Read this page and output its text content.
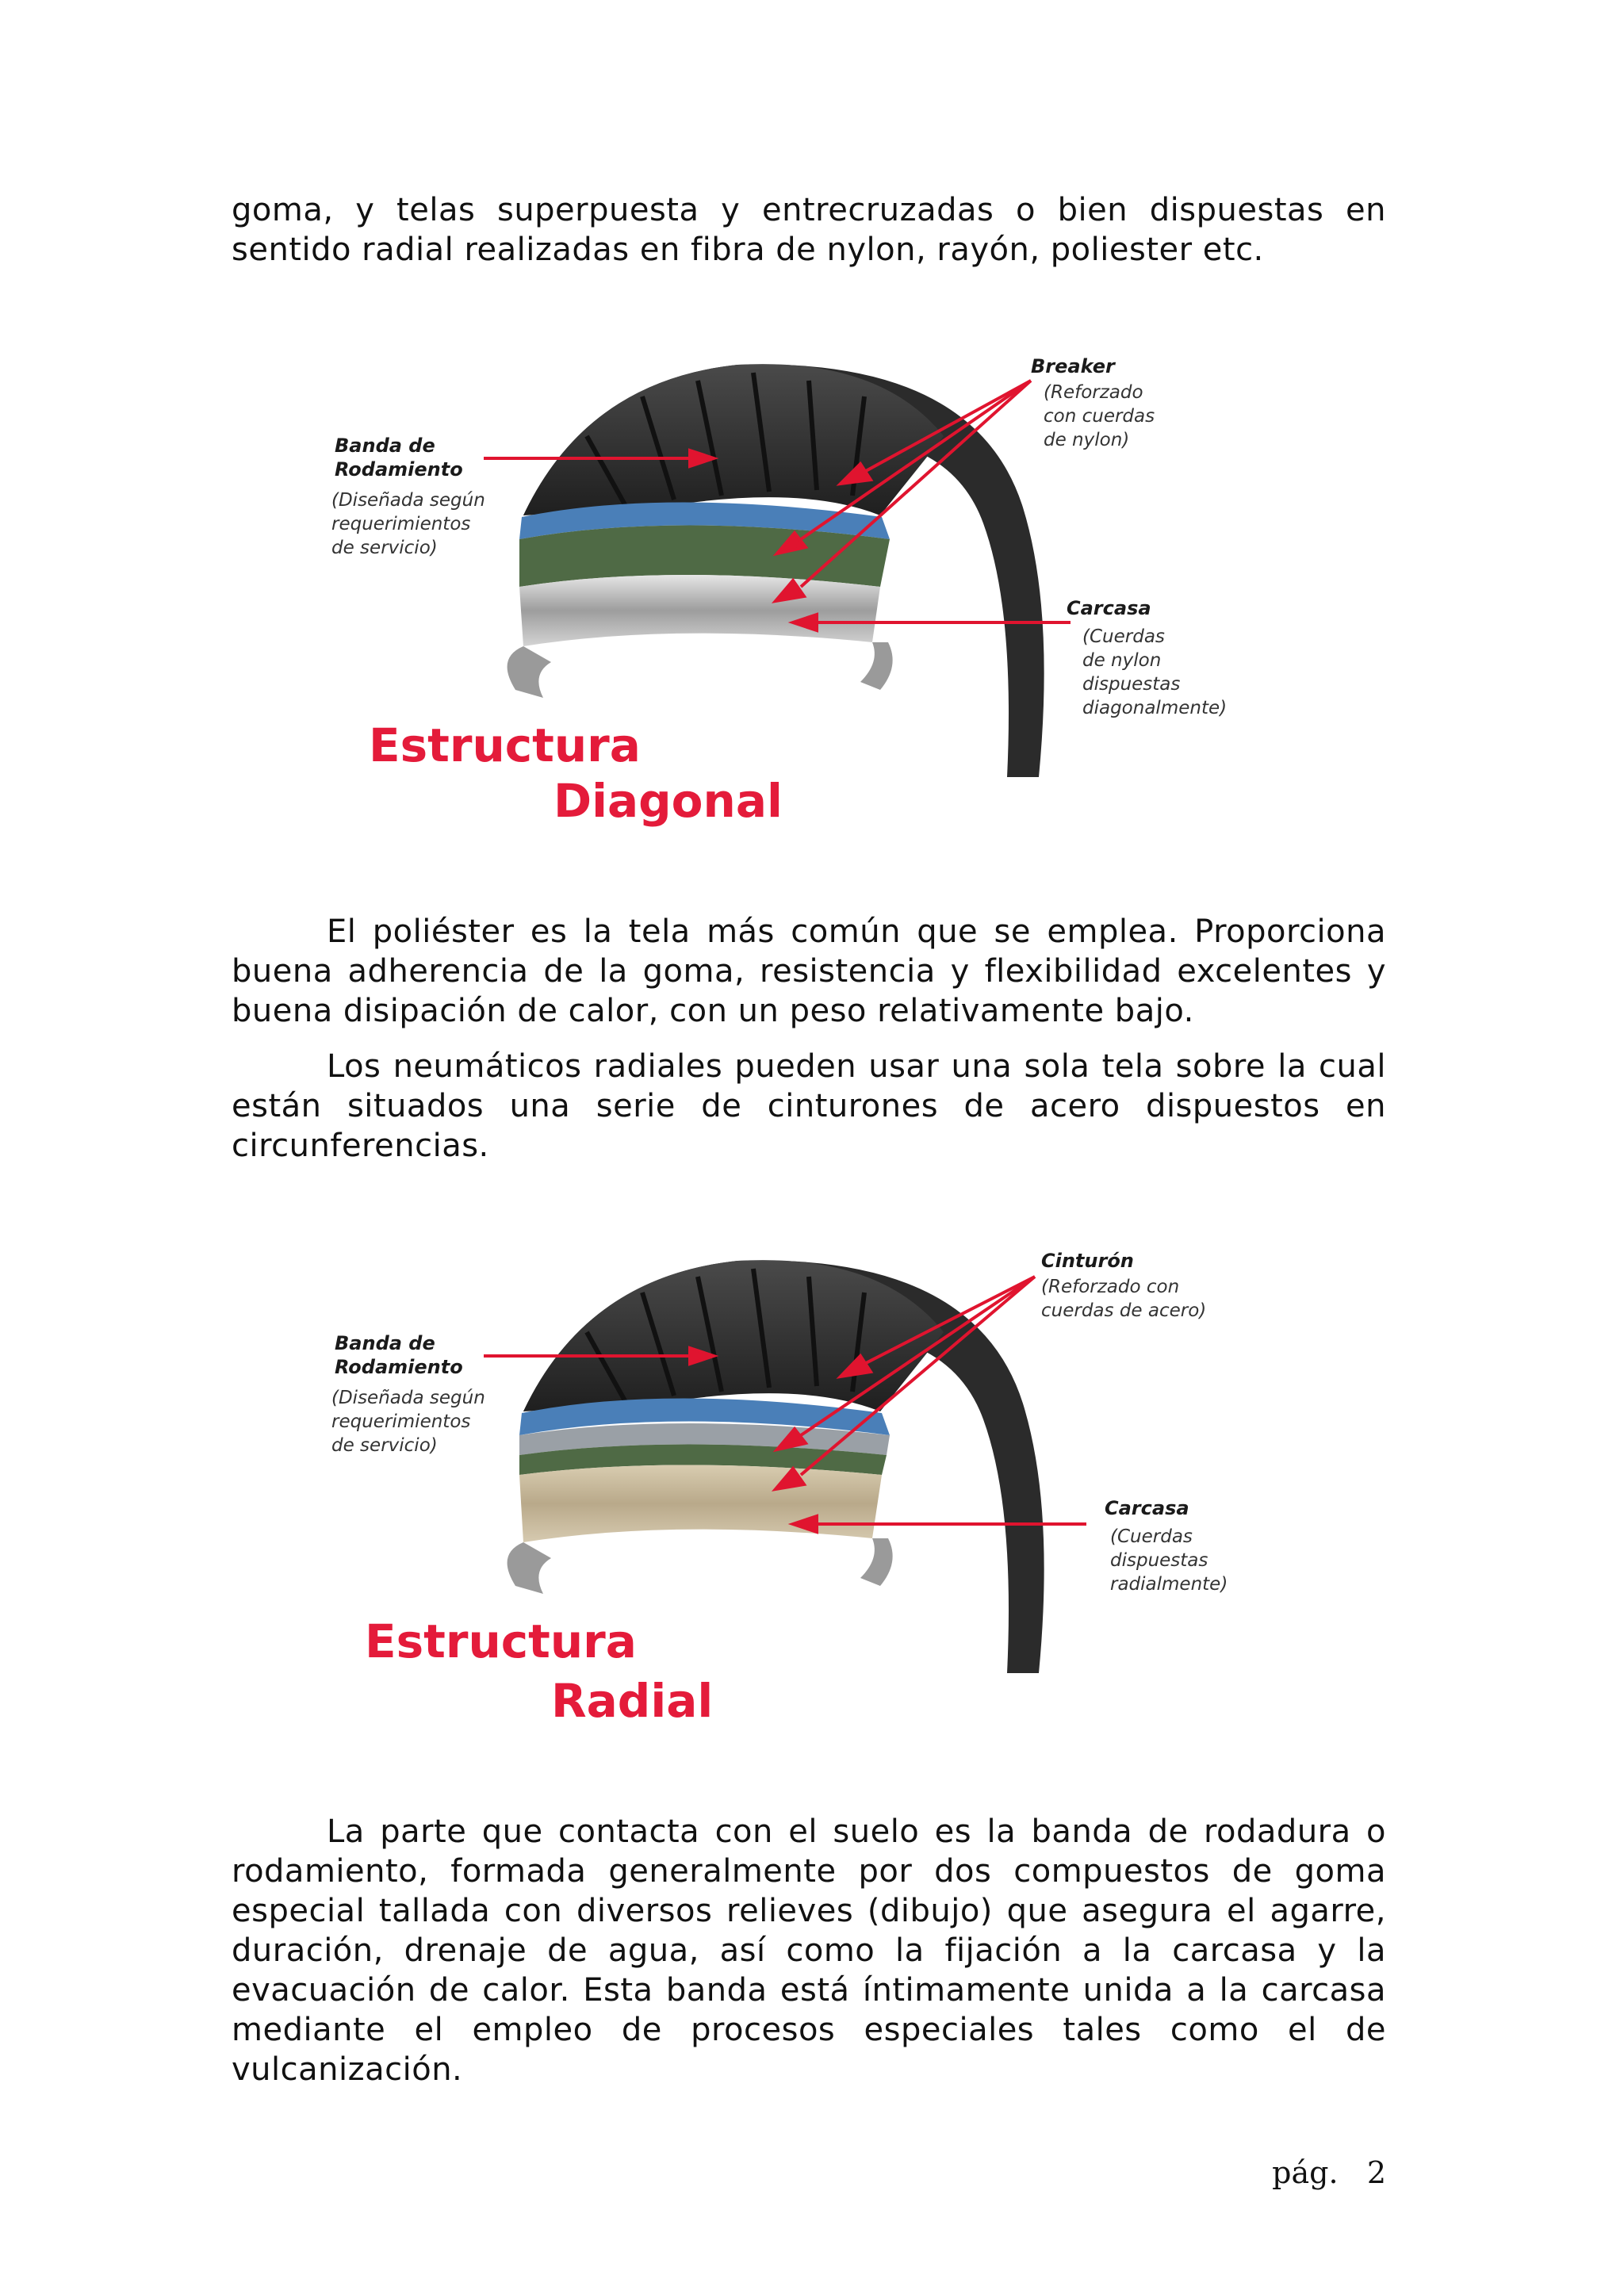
goma, y telas superpuesta y entrecruzadas o bien dispuestas en sentido radial realizadas en fibra de nylon, rayón, poliester etc.

Banda de
Rodamiento
(Diseñada según
requerimientos
de servicio)
Breaker
(Reforzado
con cuerdas
de nylon)
Carcasa
(Cuerdas
de nylon
dispuestas
diagonalmente)
Estructura
Diagonal

El poliéster es la tela más común que se emplea. Proporciona buena adherencia de la goma, resistencia y flexibilidad excelentes y buena disipación de calor, con un peso relativamente bajo.

Los neumáticos radiales pueden usar una sola tela sobre la cual están situados una serie de cinturones de acero dispuestos en circunferencias.

Banda de
Rodamiento
(Diseñada según
requerimientos
de servicio)
Cinturón
(Reforzado con
cuerdas de acero)
Carcasa
(Cuerdas
dispuestas
radialmente)
Estructura
Radial

La parte que contacta con el suelo es la banda de rodadura o rodamiento, formada generalmente por dos compuestos de goma especial tallada con diversos relieves (dibujo) que asegura el agarre, duración, drenaje de agua, así como la fijación a la carcasa y la evacuación de calor. Esta banda está íntimamente unida a la carcasa mediante el empleo de procesos especiales tales como el de vulcanización.

pág. 2
